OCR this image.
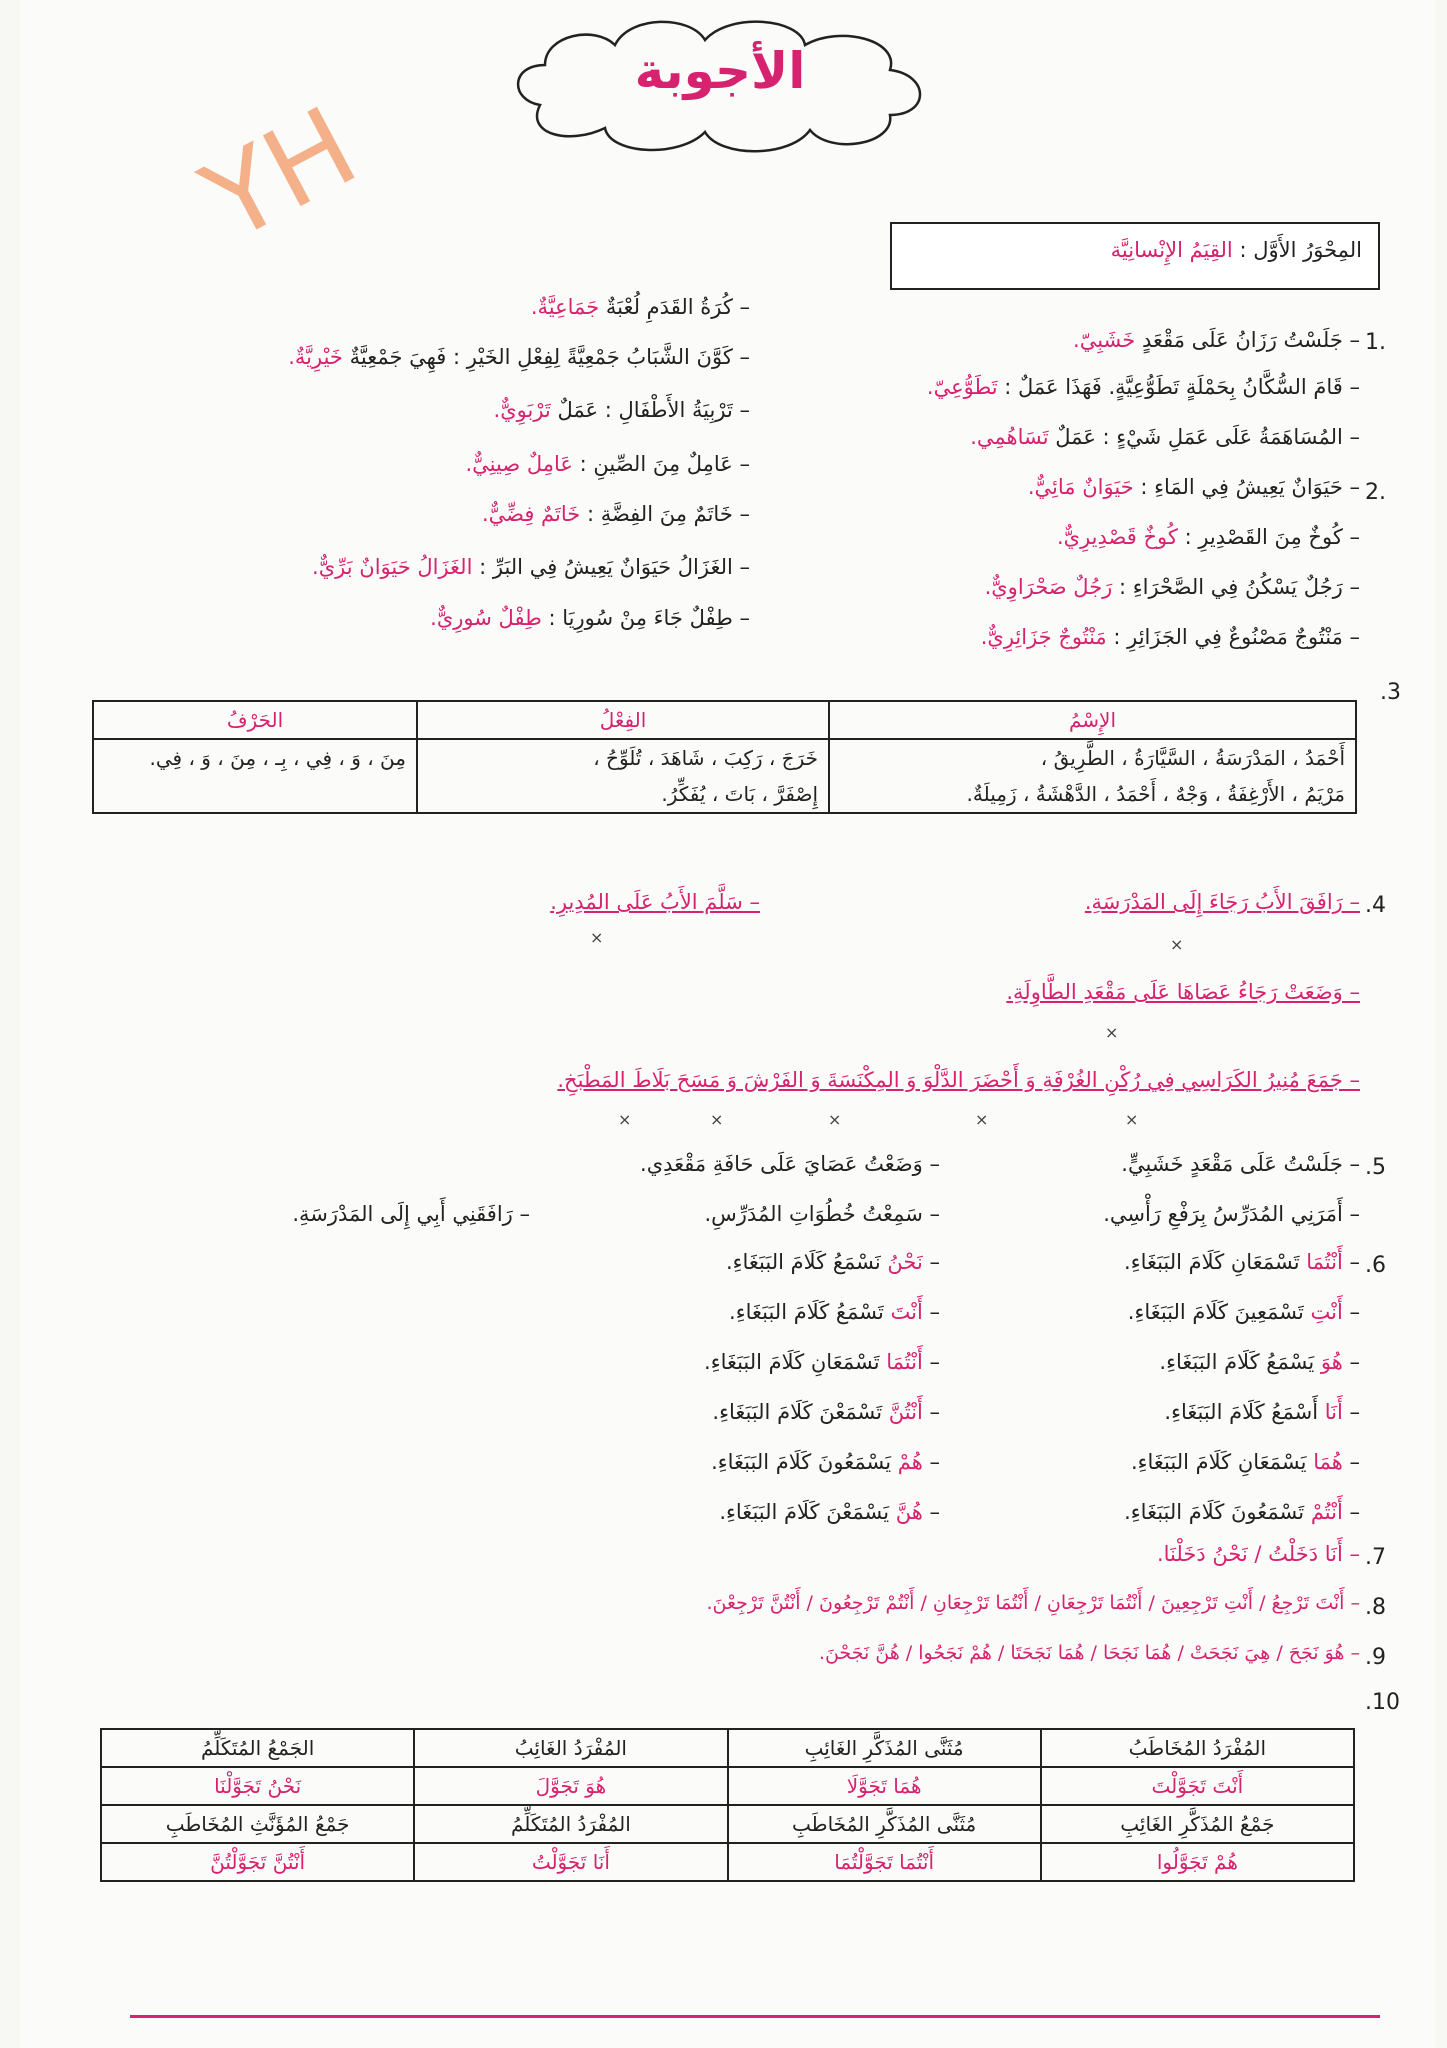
الأجوبة
YH	المِحْوَرُ الأَوَّل : القِيَمُ الإِنْسانِيَّة
1.
– جَلَسْتُ رَزَانُ عَلَى مَقْعَدٍ خَشَبِيّ.
– قَامَ السُّكَّانُ بِحَمْلَةٍ تَطَوُّعِيَّةٍ. فَهَذَا عَمَلٌ : تَطَوُّعِيّ.
– المُسَاهَمَةُ عَلَى عَمَلِ شَيْءٍ : عَمَلٌ تَسَاهُمِي.
2.
– حَيَوَانٌ يَعِيشُ فِي المَاءِ : حَيَوَانٌ مَائِيٌّ.
– كُوخٌ مِنَ القَصْدِيرِ : كُوخٌ قَصْدِيرِيٌّ.
– رَجُلٌ يَسْكُنُ فِي الصَّحْرَاءِ : رَجُلٌ صَحْرَاوِيٌّ.
– مَنْتُوجٌ مَصْنُوعٌ فِي الجَزَائِرِ : مَنْتُوجٌ جَزَائِرِيٌّ.
– كُرَةُ القَدَمِ لُعْبَةٌ جَمَاعِيَّةٌ.
– كَوَّنَ الشَّبَابُ جَمْعِيَّةً لِفِعْلِ الخَيْرِ : فَهِيَ جَمْعِيَّةٌ خَيْرِيَّةٌ.
– تَرْبِيَةُ الأَطْفَالِ : عَمَلٌ تَرْبَوِيٌّ.
– عَامِلٌ مِنَ الصِّينِ : عَامِلٌ صِينِيٌّ.
– خَاتَمٌ مِنَ الفِضَّةِ : خَاتَمٌ فِضِّيٌّ.
– الغَزَالُ حَيَوَانٌ يَعِيشُ فِي البَرِّ : الغَزَالُ حَيَوَانٌ بَرِّيٌّ.
– طِفْلٌ جَاءَ مِنْ سُورِيَا : طِفْلٌ سُورِيٌّ.
.3
الإِسْمُ	الفِعْلُ	الحَرْفُ
أَحْمَدُ ، المَدْرَسَةُ ، السَّيَّارَةُ ، الطَّرِيقُ ،	خَرَجَ ، رَكِبَ ، شَاهَدَ ، تُلَوِّحُ ،	مِنَ ، وَ ، فِي ، بِـ ، مِنَ ، وَ ، فِي.
مَرْيَمُ ، الأَرْغِفَةُ ، وَجْهٌ ، أَحْمَدُ ، الدَّهْشَةُ ، زَمِيلَةٌ.	إِصْفَرَّ ، بَاتَ ، يُفَكِّرُ.	
.4
– رَافَقَ الأَبُ رَجَاءَ إِلَى المَدْرَسَةِ.
– سَلَّمَ الأَبُ عَلَى المُدِيرِ.
×
×
– وَضَعَتْ رَجَاءُ عَصَاهَا عَلَى مَقْعَدِ الطَّاوِلَةِ.
×
– جَمَعَ مُنِيرُ الكَرَاسِي فِي رُكْنِ الغُرْفَةِ وَ أَحْضَرَ الدَّلْوَ وَ المِكْنَسَةَ وَ الفَرْشَ وَ مَسَحَ بَلَاطَ المَطْبَخِ.
×
×
×
×
×
.5
– جَلَسْتُ عَلَى مَقْعَدٍ خَشَبِيٍّ.
– وَضَعْتُ عَصَايَ عَلَى حَافَةِ مَقْعَدِي.
– أَمَرَنِي المُدَرِّسُ بِرَفْعِ رَأْسِي.
– سَمِعْتُ خُطُوَاتِ المُدَرِّسِ.
– رَافَقَنِي أَبِي إِلَى المَدْرَسَةِ.
.6
– أَنْتُمَا تَسْمَعَانِ كَلَامَ البَبَغَاءِ.
– أَنْتِ تَسْمَعِينَ كَلَامَ البَبَغَاءِ.
– هُوَ يَسْمَعُ كَلَامَ البَبَغَاءِ.
– أَنَا أَسْمَعُ كَلَامَ البَبَغَاءِ.
– هُمَا يَسْمَعَانِ كَلَامَ البَبَغَاءِ.
– أَنْتُمْ تَسْمَعُونَ كَلَامَ البَبَغَاءِ.
– نَحْنُ نَسْمَعُ كَلَامَ البَبَغَاءِ.
– أَنْتَ تَسْمَعُ كَلَامَ البَبَغَاءِ.
– أَنْتُمَا تَسْمَعَانِ كَلَامَ البَبَغَاءِ.
– أَنْتُنَّ تَسْمَعْنَ كَلَامَ البَبَغَاءِ.
– هُمْ يَسْمَعُونَ كَلَامَ البَبَغَاءِ.
– هُنَّ يَسْمَعْنَ كَلَامَ البَبَغَاءِ.
.7
– أَنَا دَخَلْتُ / نَحْنُ دَخَلْنَا.
.8
– أَنْتَ تَرْجِعُ / أَنْتِ تَرْجِعِينَ / أَنْتُمَا تَرْجِعَانِ / أَنْتُمَا تَرْجِعَانِ / أَنْتُمْ تَرْجِعُونَ / أَنْتُنَّ تَرْجِعْنَ.
.9
– هُوَ نَجَحَ / هِيَ نَجَحَتْ / هُمَا نَجَحَا / هُمَا نَجَحَتَا / هُمْ نَجَحُوا / هُنَّ نَجَحْنَ.
.10
المُفْرَدُ المُخَاطَبُ	مُثَنَّى المُذَكَّرِ الغَائِبِ	المُفْرَدُ الغَائِبُ	الجَمْعُ المُتَكَلِّمُ
أَنْتَ تَجَوَّلْتَ	هُمَا تَجَوَّلَا	هُوَ تَجَوَّلَ	نَحْنُ تَجَوَّلْنَا
جَمْعُ المُذَكَّرِ الغَائِبِ	مُثَنَّى المُذَكَّرِ المُخَاطَبِ	المُفْرَدُ المُتَكَلِّمُ	جَمْعُ المُؤَنَّثِ المُخَاطَبِ
هُمْ تَجَوَّلُوا	أَنْتُمَا تَجَوَّلْتُمَا	أَنَا تَجَوَّلْتُ	أَنْتُنَّ تَجَوَّلْتُنَّ
